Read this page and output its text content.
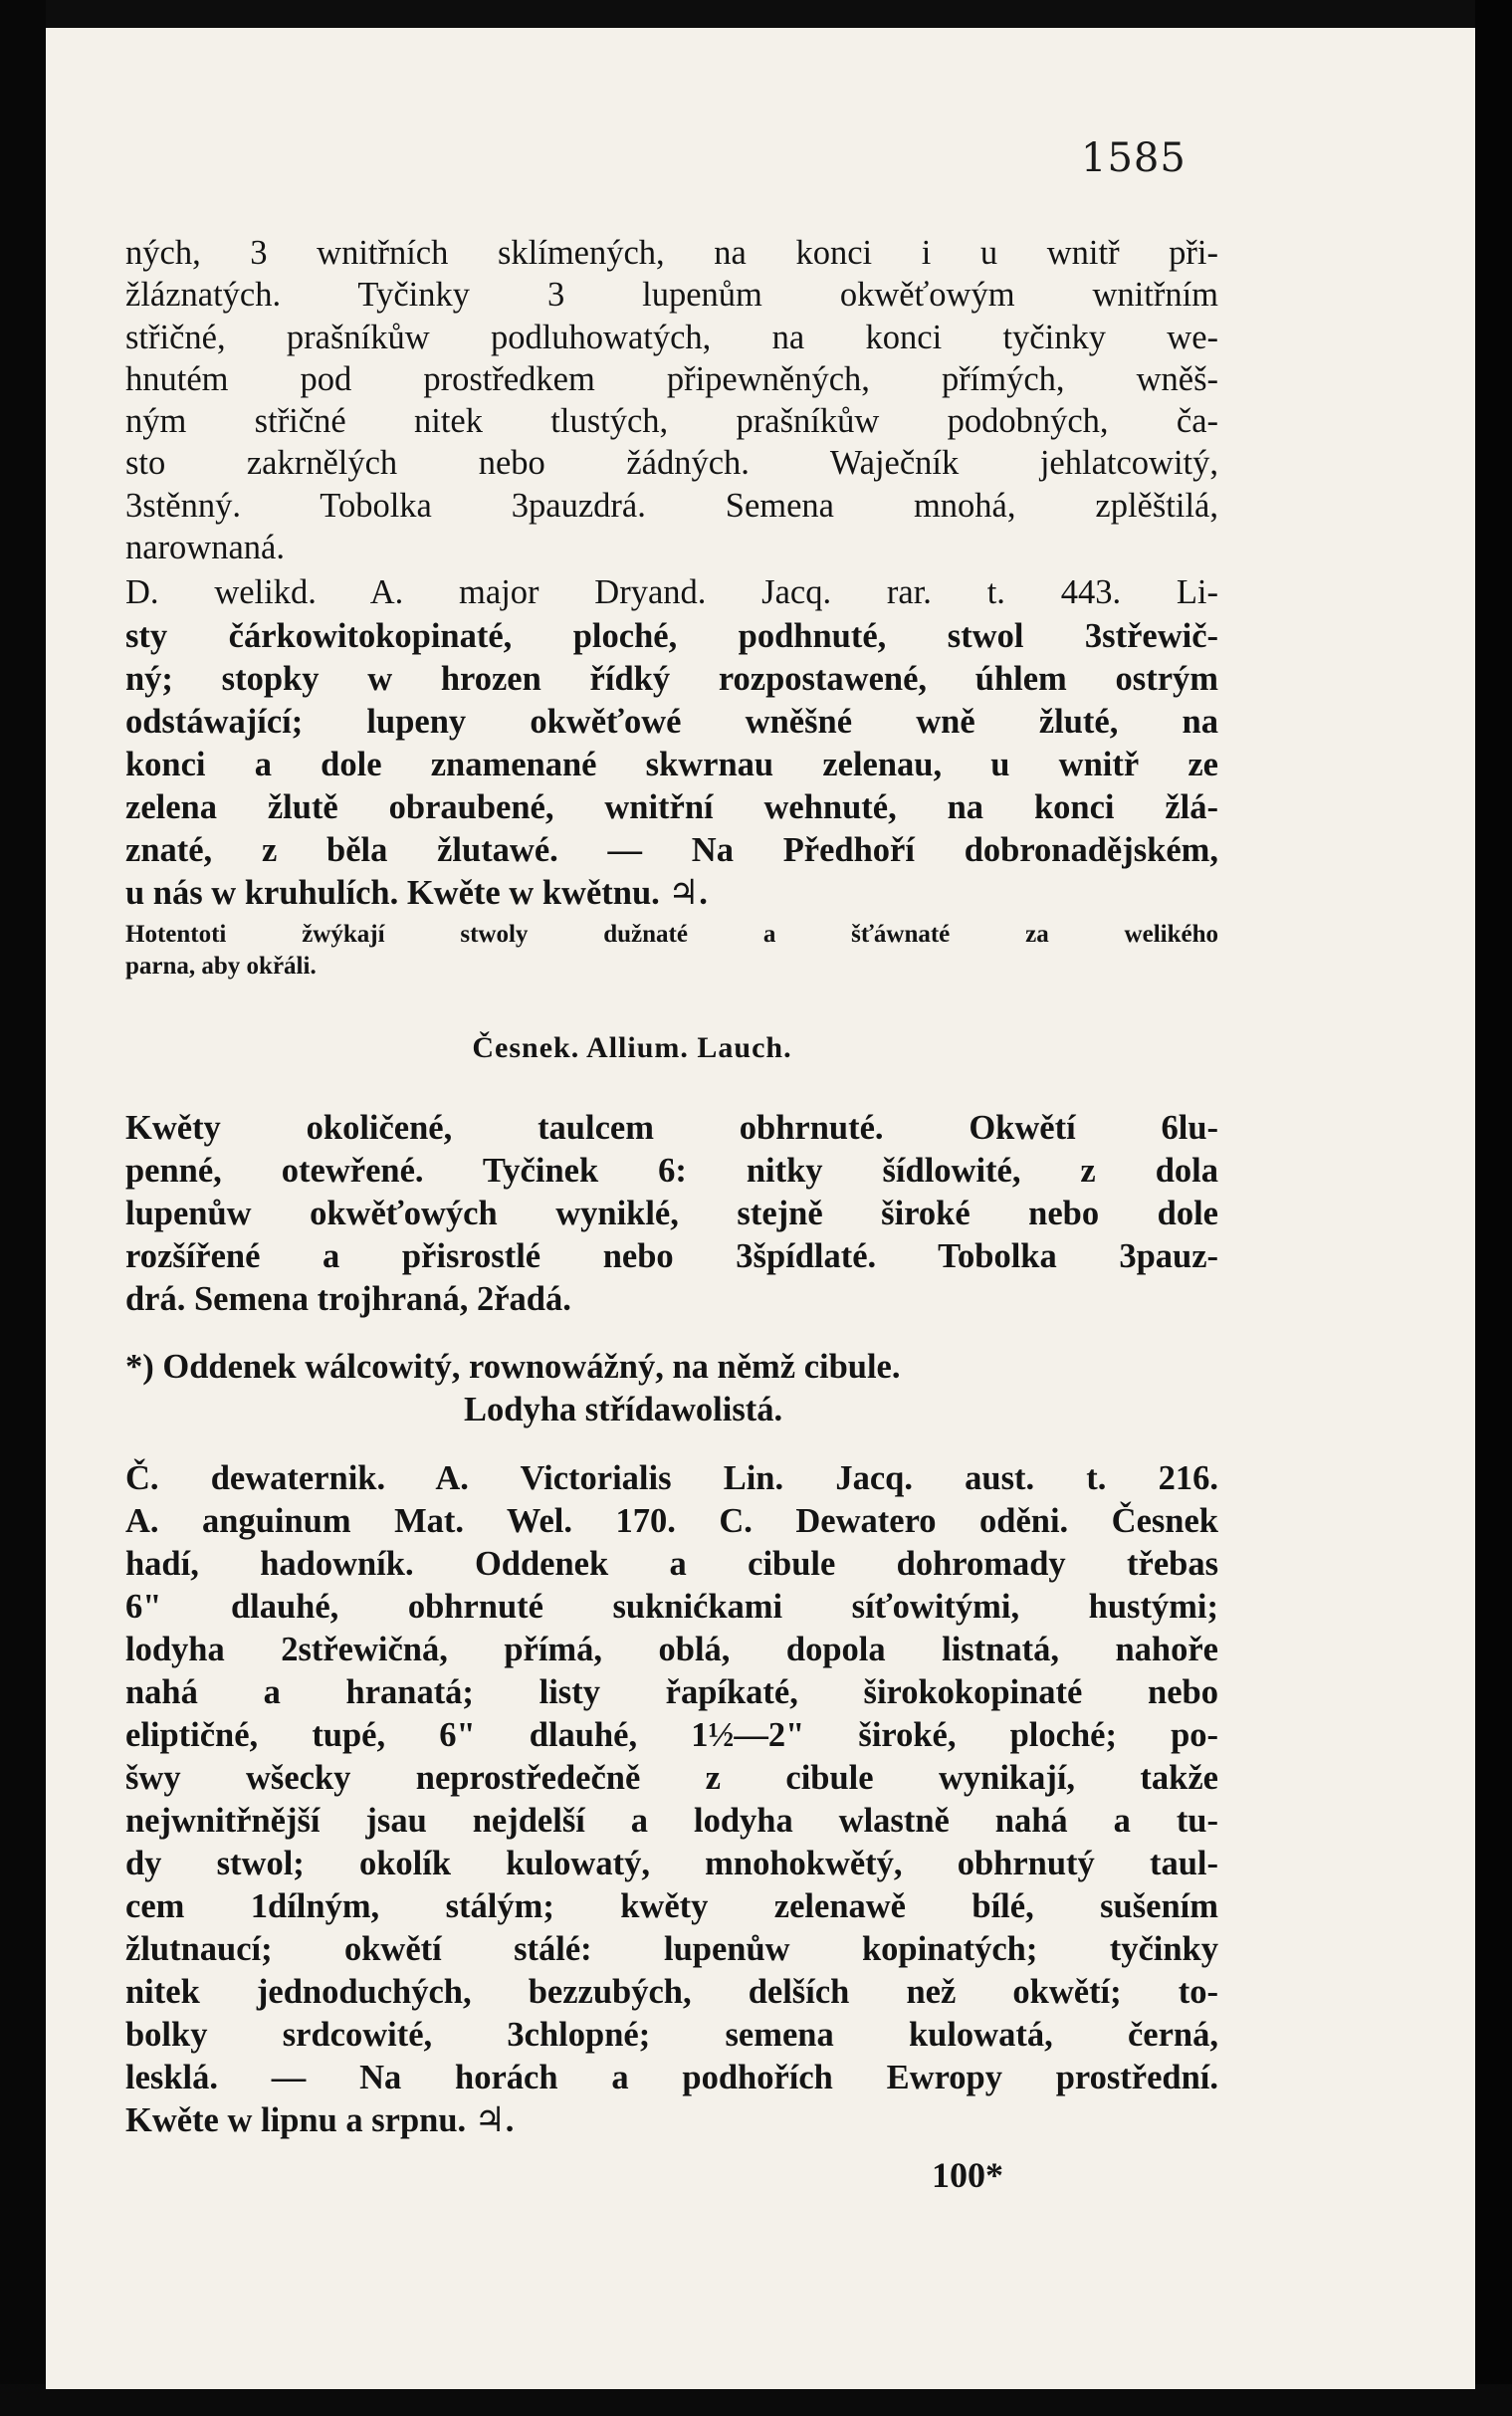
1585
ných, 3 wnitřních sklímených, na konci i u wnitř při-
žláznatých. Tyčinky 3 lupenům okwěťowým wnitřním
střičné, prašníkůw podluhowatých, na konci tyčinky we-
hnutém pod prostředkem připewněných, přímých, wněš-
ným střičné nitek tlustých, prašníkůw podobných, ča-
sto zakrnělých nebo žádných. Waječník jehlatcowitý,
3stěnný. Tobolka 3pauzdrá. Semena mnohá, zplěštilá,
narownaná.
D. welikd. A. major Dryand. Jacq. rar. t. 443. Li-
sty čárkowitokopinaté, ploché, podhnuté, stwol 3střewič-
ný; stopky w hrozen řídký rozpostawené, úhlem ostrým
odstáwající; lupeny okwěťowé wněšné wně žluté, na
konci a dole znamenané skwrnau zelenau, u wnitř ze
zelena žlutě obraubené, wnitřní wehnuté, na konci žlá-
znaté, z běla žlutawé. — Na Předhoří dobronadějském,
u nás w kruhulích. Kwěte w kwětnu. ♃.
Hotentoti žwýkají stwoly dužnaté a šťáwnaté za welikého
parna, aby okřáli.
Česnek. Allium. Lauch.
Kwěty okoličené, taulcem obhrnuté. Okwětí 6lu-
penné, otewřené. Tyčinek 6: nitky šídlowité, z dola
lupenůw okwěťowých wyniklé, stejně široké nebo dole
rozšířené a přisrostlé nebo 3špídlaté. Tobolka 3pauz-
drá. Semena trojhraná, 2řadá.
*) Oddenek wálcowitý, rownowážný, na němž cibule.
Lodyha střídawolistá.
Č. dewaternik. A. Victorialis Lin. Jacq. aust. t. 216.
A. anguinum Mat. Wel. 170. C. Dewatero oděni. Česnek
hadí, hadowník. Oddenek a cibule dohromady třebas
6" dlauhé, obhrnuté suknićkami síťowitými, hustými;
lodyha 2střewičná, přímá, oblá, dopola listnatá, nahoře
nahá a hranatá; listy řapíkaté, širokokopinaté nebo
eliptičné, tupé, 6" dlauhé, 1½—2" široké, ploché; po-
šwy wšecky neprostředečně z cibule wynikají, takže
nejwnitřnější jsau nejdelší a lodyha wlastně nahá a tu-
dy stwol; okolík kulowatý, mnohokwětý, obhrnutý taul-
cem 1dílným, stálým; kwěty zelenawě bílé, sušením
žlutnaucí; okwětí stálé: lupenůw kopinatých; tyčinky
nitek jednoduchých, bezzubých, delších než okwětí; to-
bolky srdcowité, 3chlopné; semena kulowatá, černá,
lesklá. — Na horách a podhořích Ewropy prostřední.
Kwěte w lipnu a srpnu. ♃.
100*
